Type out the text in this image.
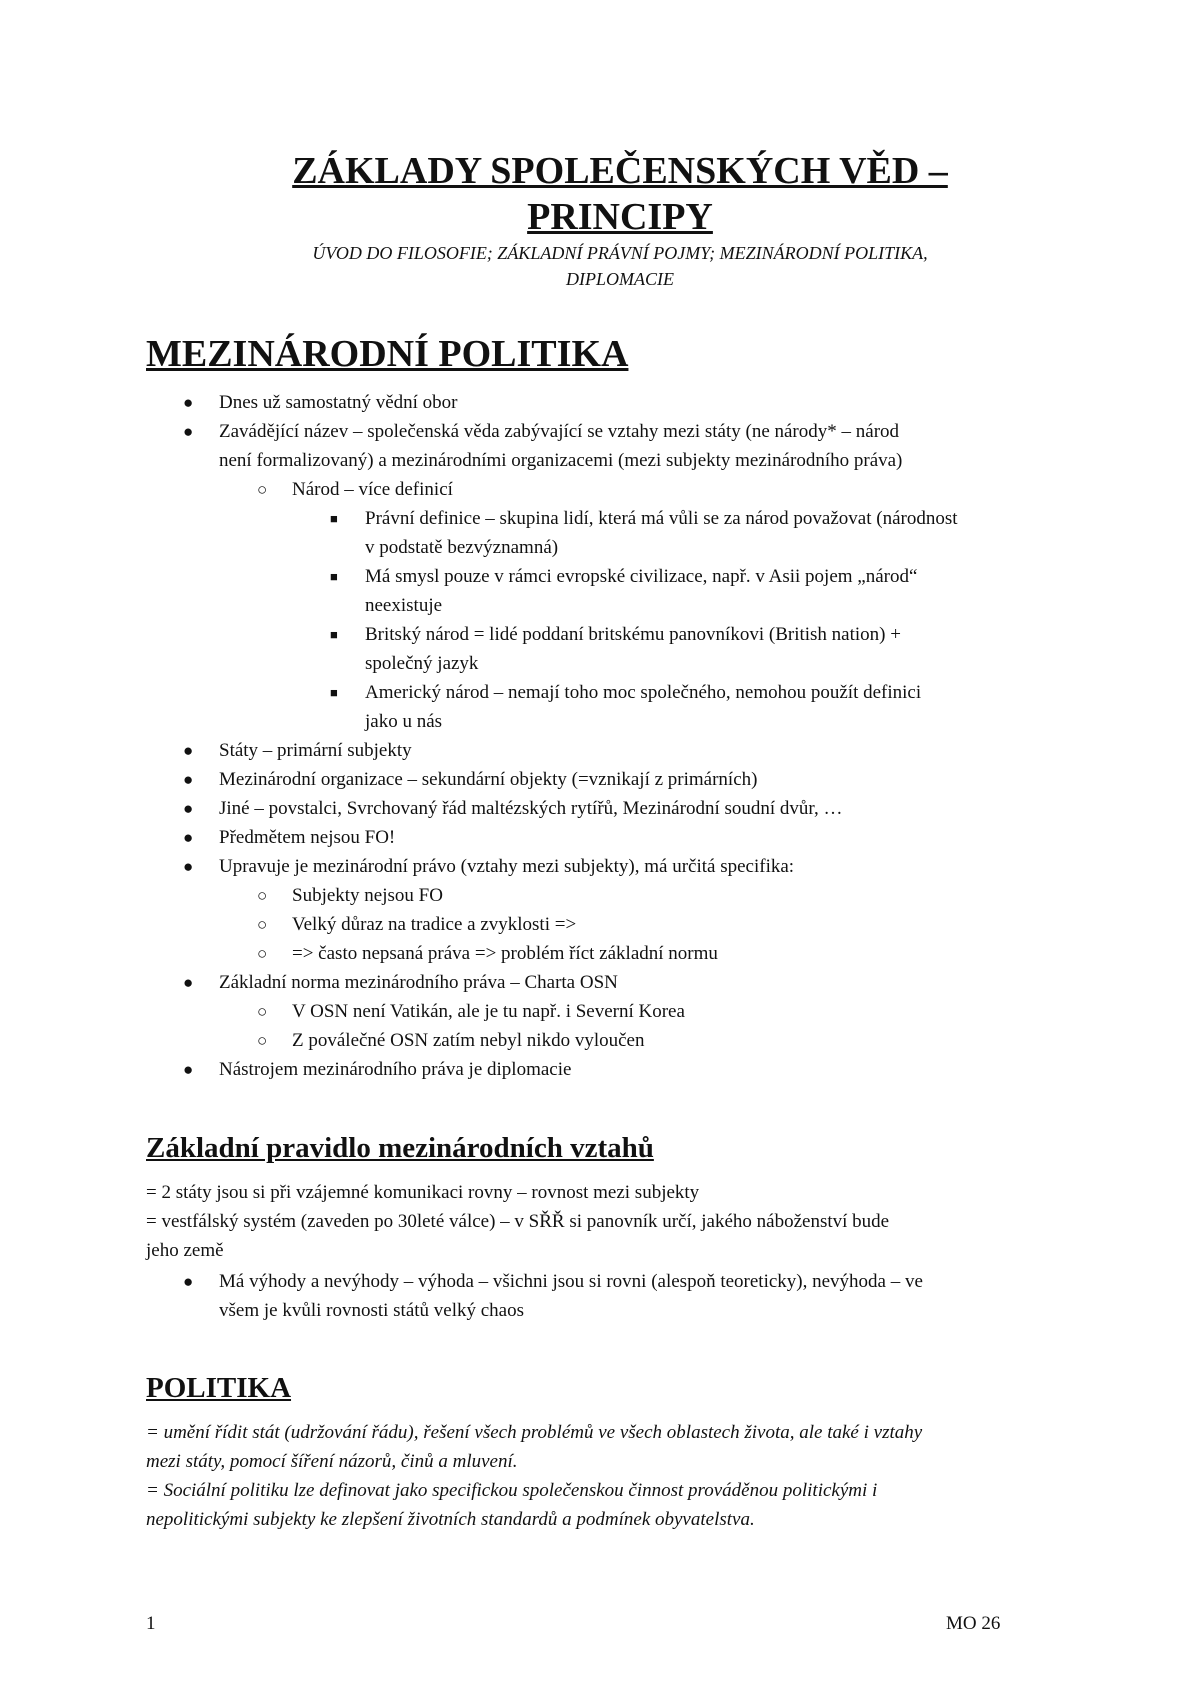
ZÁKLADY SPOLEČENSKÝCH VĚD –
PRINCIPY
ÚVOD DO FILOSOFIE; ZÁKLADNÍ PRÁVNÍ POJMY; MEZINÁRODNÍ POLITIKA,
DIPLOMACIE
MEZINÁRODNÍ POLITIKA
● Dnes už samostatný vědní obor
● Zavádějící název – společenská věda zabývající se vztahy mezi státy (ne národy* – národ
není formalizovaný) a mezinárodními organizacemi (mezi subjekty mezinárodního práva)
○ Národ – více definicí
■ Právní definice – skupina lidí, která má vůli se za národ považovat (národnost
v podstatě bezvýznamná)
■ Má smysl pouze v rámci evropské civilizace, např. v Asii pojem „národ“
neexistuje
■ Britský národ = lidé poddaní britskému panovníkovi (British nation) +
společný jazyk
■ Americký národ – nemají toho moc společného, nemohou použít definici
jako u nás
● Státy – primární subjekty
● Mezinárodní organizace – sekundární objekty (=vznikají z primárních)
● Jiné – povstalci, Svrchovaný řád maltézských rytířů, Mezinárodní soudní dvůr, …
● Předmětem nejsou FO!
● Upravuje je mezinárodní právo (vztahy mezi subjekty), má určitá specifika:
○ Subjekty nejsou FO
○ Velký důraz na tradice a zvyklosti =>
○ => často nepsaná práva => problém říct základní normu
● Základní norma mezinárodního práva – Charta OSN
○ V OSN není Vatikán, ale je tu např. i Severní Korea
○ Z poválečné OSN zatím nebyl nikdo vyloučen
● Nástrojem mezinárodního práva je diplomacie
Základní pravidlo mezinárodních vztahů
= 2 státy jsou si při vzájemné komunikaci rovny – rovnost mezi subjekty
= vestfálský systém (zaveden po 30leté válce) – v SŘŘ si panovník určí, jakého náboženství bude
jeho země
● Má výhody a nevýhody – výhoda – všichni jsou si rovni (alespoň teoreticky), nevýhoda – ve
všem je kvůli rovnosti států velký chaos
POLITIKA
= umění řídit stát (udržování řádu), řešení všech problémů ve všech oblastech života, ale také i vztahy
mezi státy, pomocí šíření názorů, činů a mluvení.
= Sociální politiku lze definovat jako specifickou společenskou činnost prováděnou politickými i
nepolitickými subjekty ke zlepšení životních standardů a podmínek obyvatelstva.
1	MO 26
